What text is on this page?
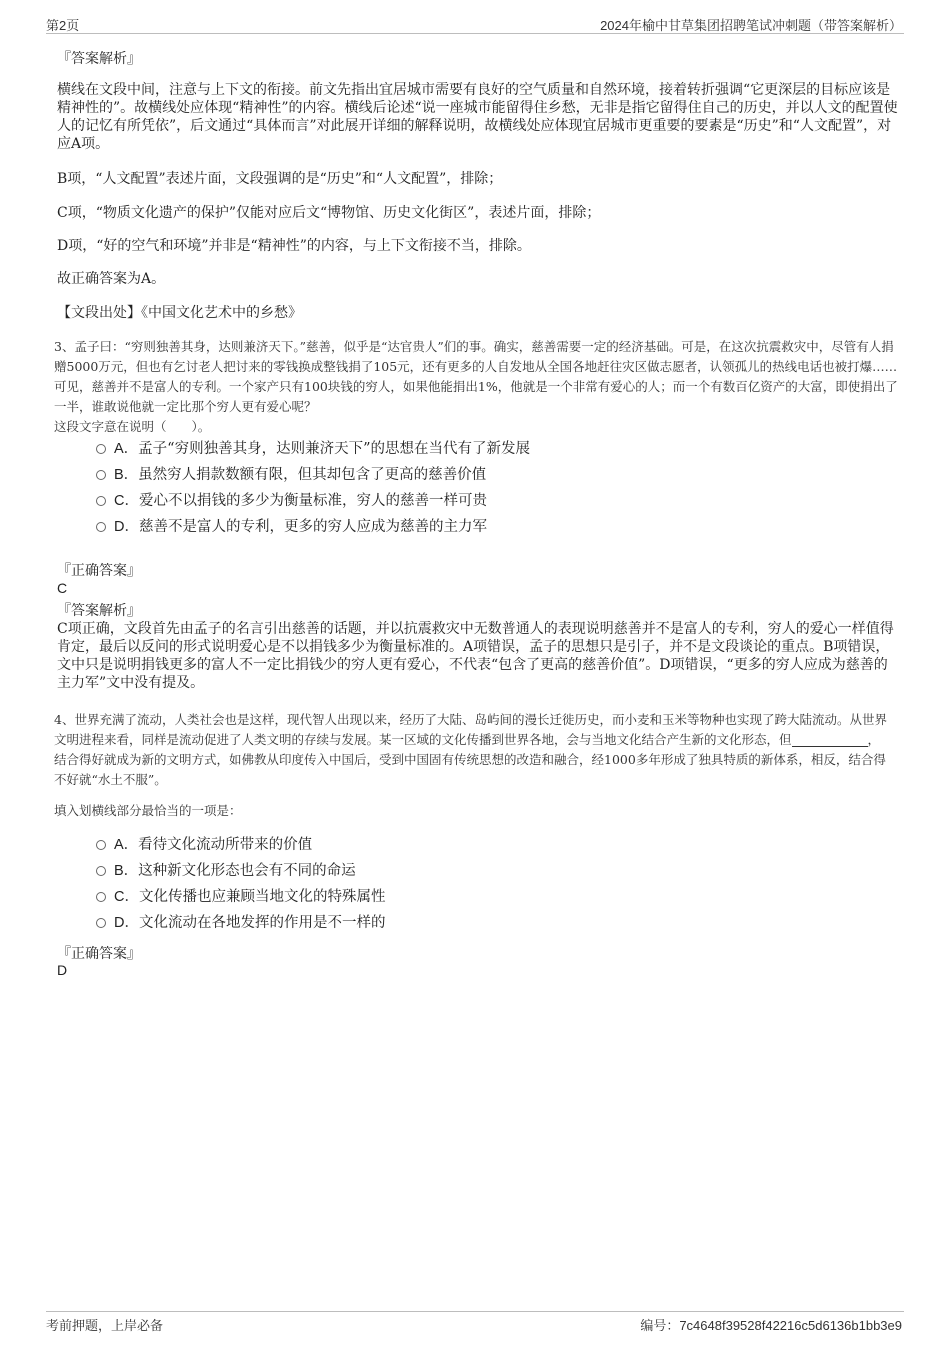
第2页	2024年榆中甘草集团招聘笔试冲刺题（带答案解析）
『答案解析』
横线在文段中间，注意与上下文的衔接。前文先指出宜居城市需要有良好的空气质量和自然环境，接着转折强调“它更深层的目标应该是精神性的”。故横线处应体现“精神性”的内容。横线后论述“说一座城市能留得住乡愁，无非是指它留得住自己的历史，并以人文的配置使人的记忆有所凭依”，后文通过“具体而言”对此展开详细的解释说明，故横线处应体现宜居城市更重要的要素是“历史”和“人文配置”，对应A项。
B项，“人文配置”表述片面，文段强调的是“历史”和“人文配置”，排除；
C项，“物质文化遗产的保护”仅能对应后文“博物馆、历史文化街区”，表述片面，排除；
D项，“好的空气和环境”并非是“精神性”的内容，与上下文衔接不当，排除。
故正确答案为A。
【文段出处】《中国文化艺术中的乡愁》
3、孟子曰：“穷则独善其身，达则兼济天下。”慈善，似乎是“达官贵人”们的事。确实，慈善需要一定的经济基础。可是，在这次抗震救灾中，尽管有人捐赠5000万元，但也有乞讨老人把讨来的零钱换成整钱捐了105元，还有更多的人自发地从全国各地赶往灾区做志愿者，认领孤儿的热线电话也被打爆……可见，慈善并不是富人的专利。一个家产只有100块钱的穷人，如果他能捐出1%，他就是一个非常有爱心的人；而一个有数百亿资产的大富，即使捐出了一半，谁敢说他就一定比那个穷人更有爱心呢？
这段文字意在说明（　　）。
A．孟子“穷则独善其身，达则兼济天下”的思想在当代有了新发展
B．虽然穷人捐款数额有限，但其却包含了更高的慈善价值
C．爱心不以捐钱的多少为衡量标准，穷人的慈善一样可贵
D．慈善不是富人的专利，更多的穷人应成为慈善的主力军
『正确答案』
C
『答案解析』
C项正确，文段首先由孟子的名言引出慈善的话题，并以抗震救灾中无数普通人的表现说明慈善并不是富人的专利，穷人的爱心一样值得肯定，最后以反问的形式说明爱心是不以捐钱多少为衡量标准的。A项错误，孟子的思想只是引子，并不是文段谈论的重点。B项错误，文中只是说明捐钱更多的富人不一定比捐钱少的穷人更有爱心，不代表“包含了更高的慈善价值”。D项错误，“更多的穷人应成为慈善的主力军”文中没有提及。
4、世界充满了流动，人类社会也是这样，现代智人出现以来，经历了大陆、岛屿间的漫长迁徙历史，而小麦和玉米等物种也实现了跨大陆流动。从世界文明进程来看，同样是流动促进了人类文明的存续与发展。某一区域的文化传播到世界各地，会与当地文化结合产生新的文化形态，但	，结合得好就成为新的文明方式，如佛教从印度传入中国后，受到中国固有传统思想的改造和融合，经1000多年形成了独具特质的新体系，相反，结合得不好就“水土不服”。
填入划横线部分最恰当的一项是：
A．看待文化流动所带来的价值
B．这种新文化形态也会有不同的命运
C．文化传播也应兼顾当地文化的特殊属性
D．文化流动在各地发挥的作用是不一样的
『正确答案』
D
考前押题，上岸必备	编号：7c4648f39528f42216c5d6136b1bb3e9
